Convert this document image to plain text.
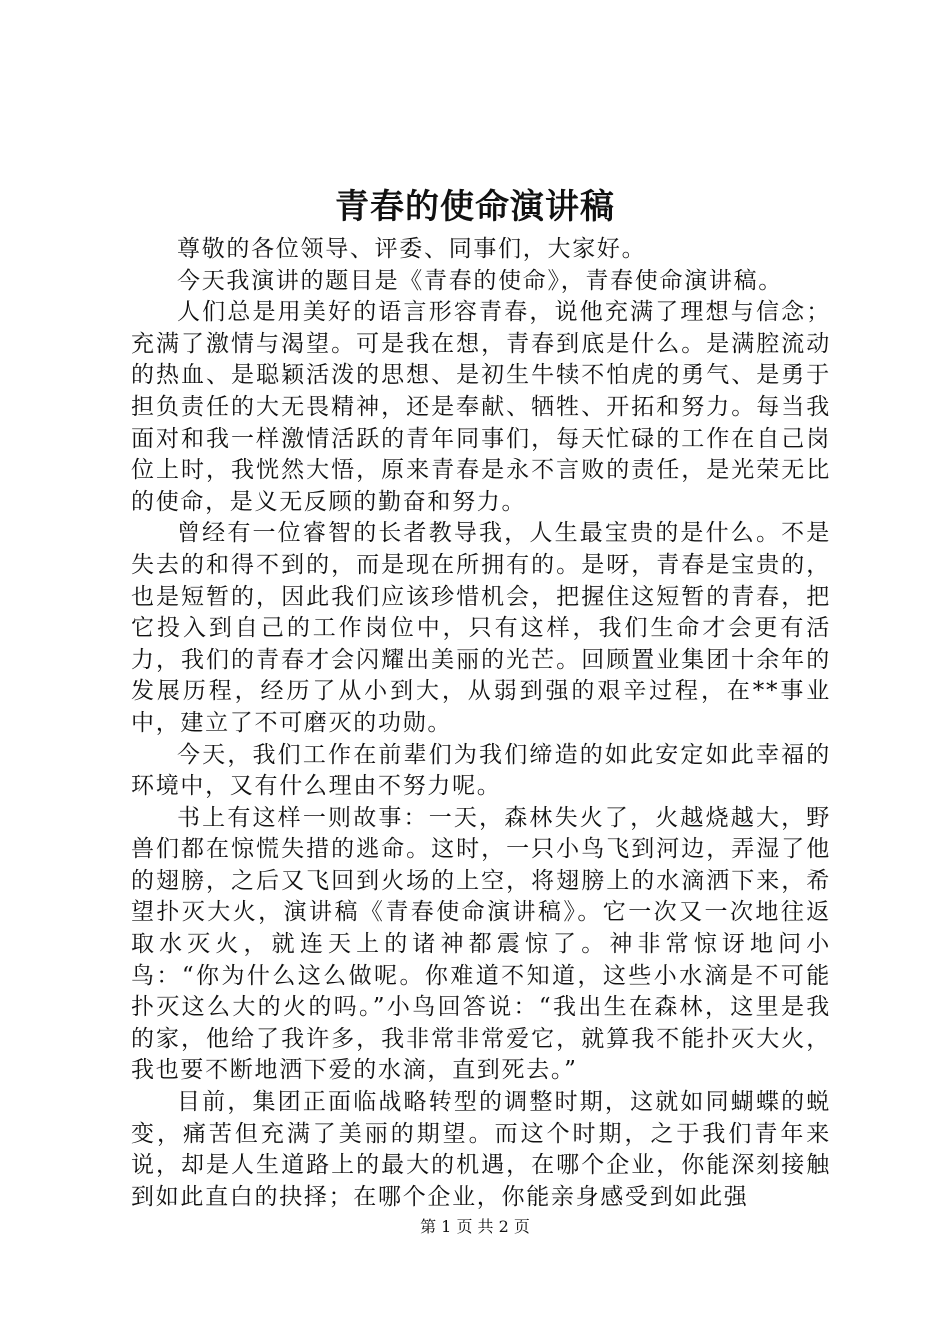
青春的使命演讲稿

尊敬的各位领导、评委、同事们，大家好。

今天我演讲的题目是《青春的使命》，青春使命演讲稿。

人们总是用美好的语言形容青春，说他充满了理想与信念；充满了激情与渴望。可是我在想，青春到底是什么。是满腔流动的热血、是聪颖活泼的思想、是初生牛犊不怕虎的勇气、是勇于担负责任的大无畏精神，还是奉献、牺牲、开拓和努力。每当我面对和我一样激情活跃的青年同事们，每天忙碌的工作在自己岗位上时，我恍然大悟，原来青春是永不言败的责任，是光荣无比的使命，是义无反顾的勤奋和努力。

曾经有一位睿智的长者教导我，人生最宝贵的是什么。不是失去的和得不到的，而是现在所拥有的。是呀，青春是宝贵的，也是短暂的，因此我们应该珍惜机会，把握住这短暂的青春，把它投入到自己的工作岗位中，只有这样，我们生命才会更有活力，我们的青春才会闪耀出美丽的光芒。回顾置业集团十余年的发展历程，经历了从小到大，从弱到强的艰辛过程，在**事业中，建立了不可磨灭的功勋。

今天，我们工作在前辈们为我们缔造的如此安定如此幸福的环境中，又有什么理由不努力呢。

书上有这样一则故事：一天，森林失火了，火越烧越大，野兽们都在惊慌失措的逃命。这时，一只小鸟飞到河边，弄湿了他的翅膀，之后又飞回到火场的上空，将翅膀上的水滴洒下来，希望扑灭大火，演讲稿《青春使命演讲稿》。它一次又一次地往返取水灭火，就连天上的诸神都震惊了。神非常惊讶地问小鸟：“你为什么这么做呢。你难道不知道，这些小水滴是不可能扑灭这么大的火的吗。”小鸟回答说：“我出生在森林，这里是我的家，他给了我许多，我非常非常爱它，就算我不能扑灭大火，我也要不断地洒下爱的水滴，直到死去。”

目前，集团正面临战略转型的调整时期，这就如同蝴蝶的蜕变，痛苦但充满了美丽的期望。而这个时期，之于我们青年来说，却是人生道路上的最大的机遇，在哪个企业，你能深刻接触到如此直白的抉择；在哪个企业，你能亲身感受到如此强

第 1 页 共 2 页
